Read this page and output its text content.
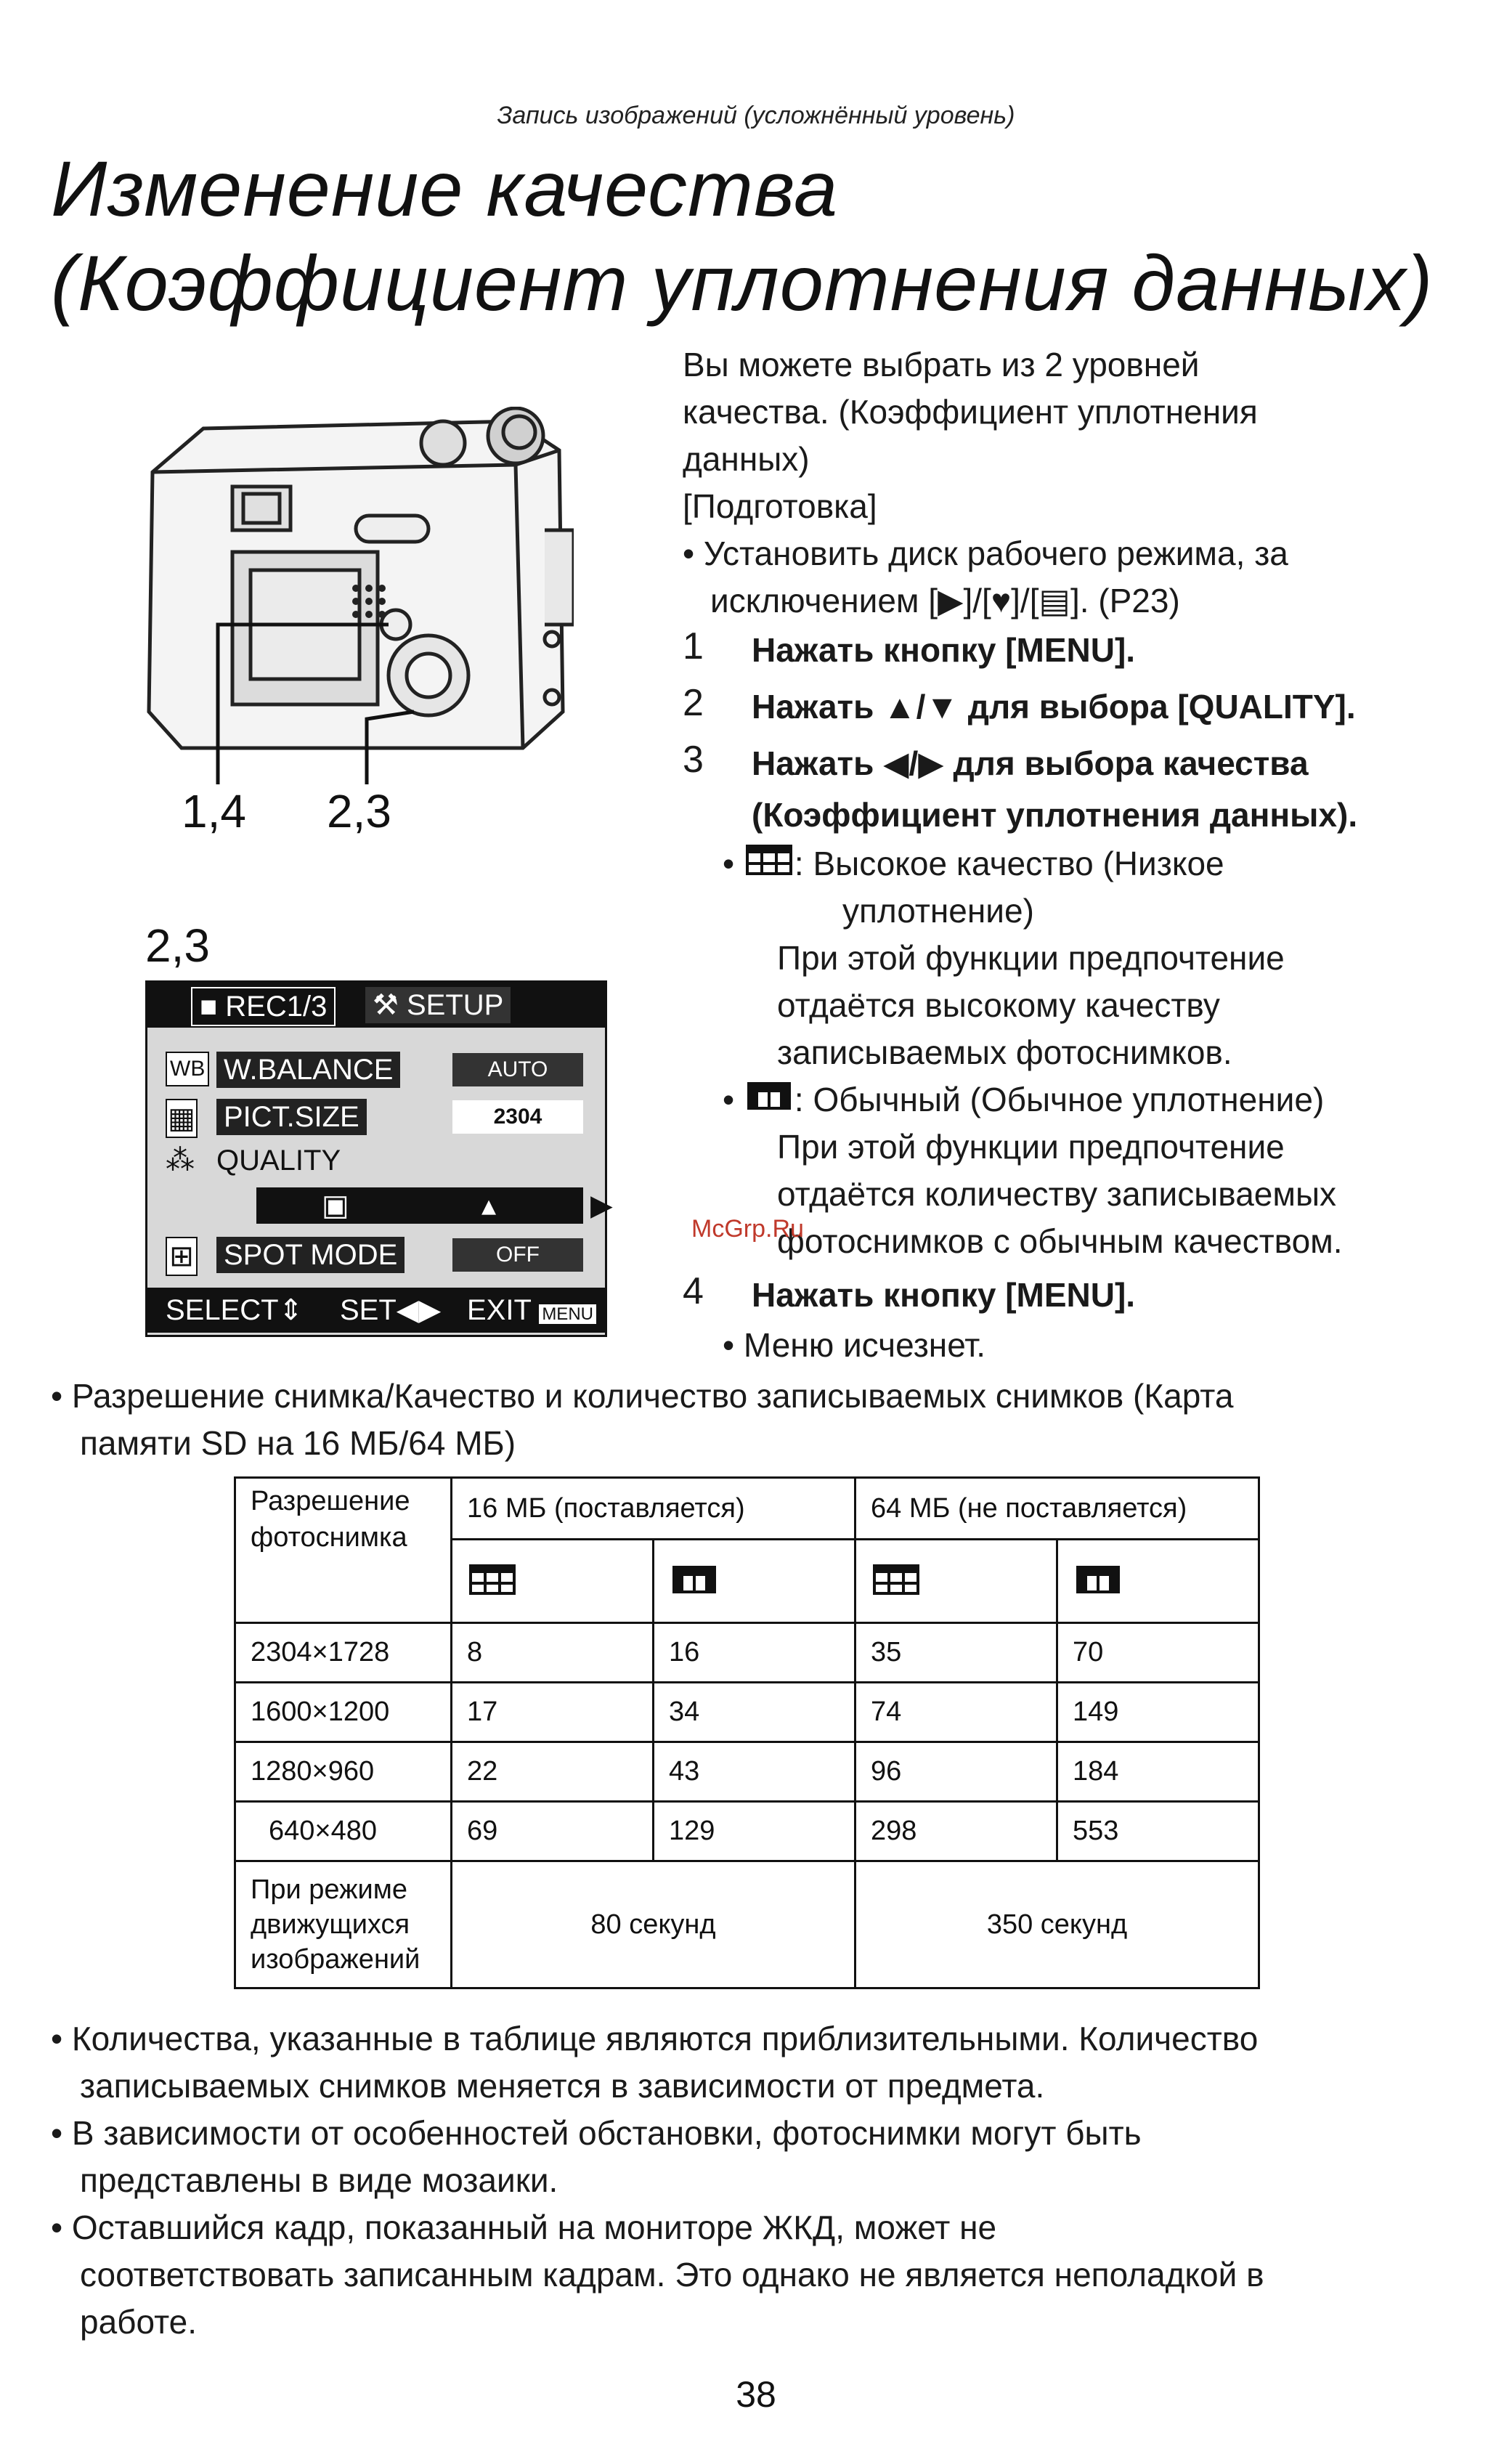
Запись изображений (усложнённый уровень)
Изменение качества
(Коэффициент уплотнения данных)
1,4 2,3
2,3
■ REC1/3	⚒ SETUP
WB W.BALANCE	AUTO
▦ PICT.SIZE	2304
⁂ QUALITY
▣	▴	▶
⊞ SPOT MODE	OFF
SELECT⇕ SET◀▶ EXIT MENU
Вы можете выбрать из 2 уровней
качества. (Коэффициент уплотнения
данных)
[Подготовка]
• Установить диск рабочего режима, за
исключением [▶]/[♥]/[▤]. (P23)
1 Нажать кнопку [MENU].
2 Нажать ▲/▼ для выбора [QUALITY].
3 Нажать ◀/▶ для выбора качества
(Коэффициент уплотнения данных).
• : Высокое качество (Низкое
уплотнение)
При этой функции предпочтение
отдаётся высокому качеству
записываемых фотоснимков.
• : Обычный (Обычное уплотнение)
При этой функции предпочтение
отдаётся количеству записываемых
фотоснимков с обычным качеством.
McGrp.Ru
4 Нажать кнопку [MENU].
• Меню исчезнет.
• Разрешение снимка/Качество и количество записываемых снимков (Карта
памяти SD на 16 МБ/64 МБ)
Разрешение
фотоснимка	16 МБ (поставляется)		64 МБ (не поставляется)	

2304×1728	8	16	35	70
1600×1200	17	34	74	149
1280×960	22	43	96	184
640×480	69	129	298	553

При режиме
движущихся
изображений	80 секунд		350 секунд	
• Количества, указанные в таблице являются приблизительными. Количество
записываемых снимков меняется в зависимости от предмета.
• В зависимости от особенностей обстановки, фотоснимки могут быть
представлены в виде мозаики.
• Оставшийся кадр, показанный на мониторе ЖКД, может не
соответствовать записанным кадрам. Это однако не является неполадкой в
работе.
38
